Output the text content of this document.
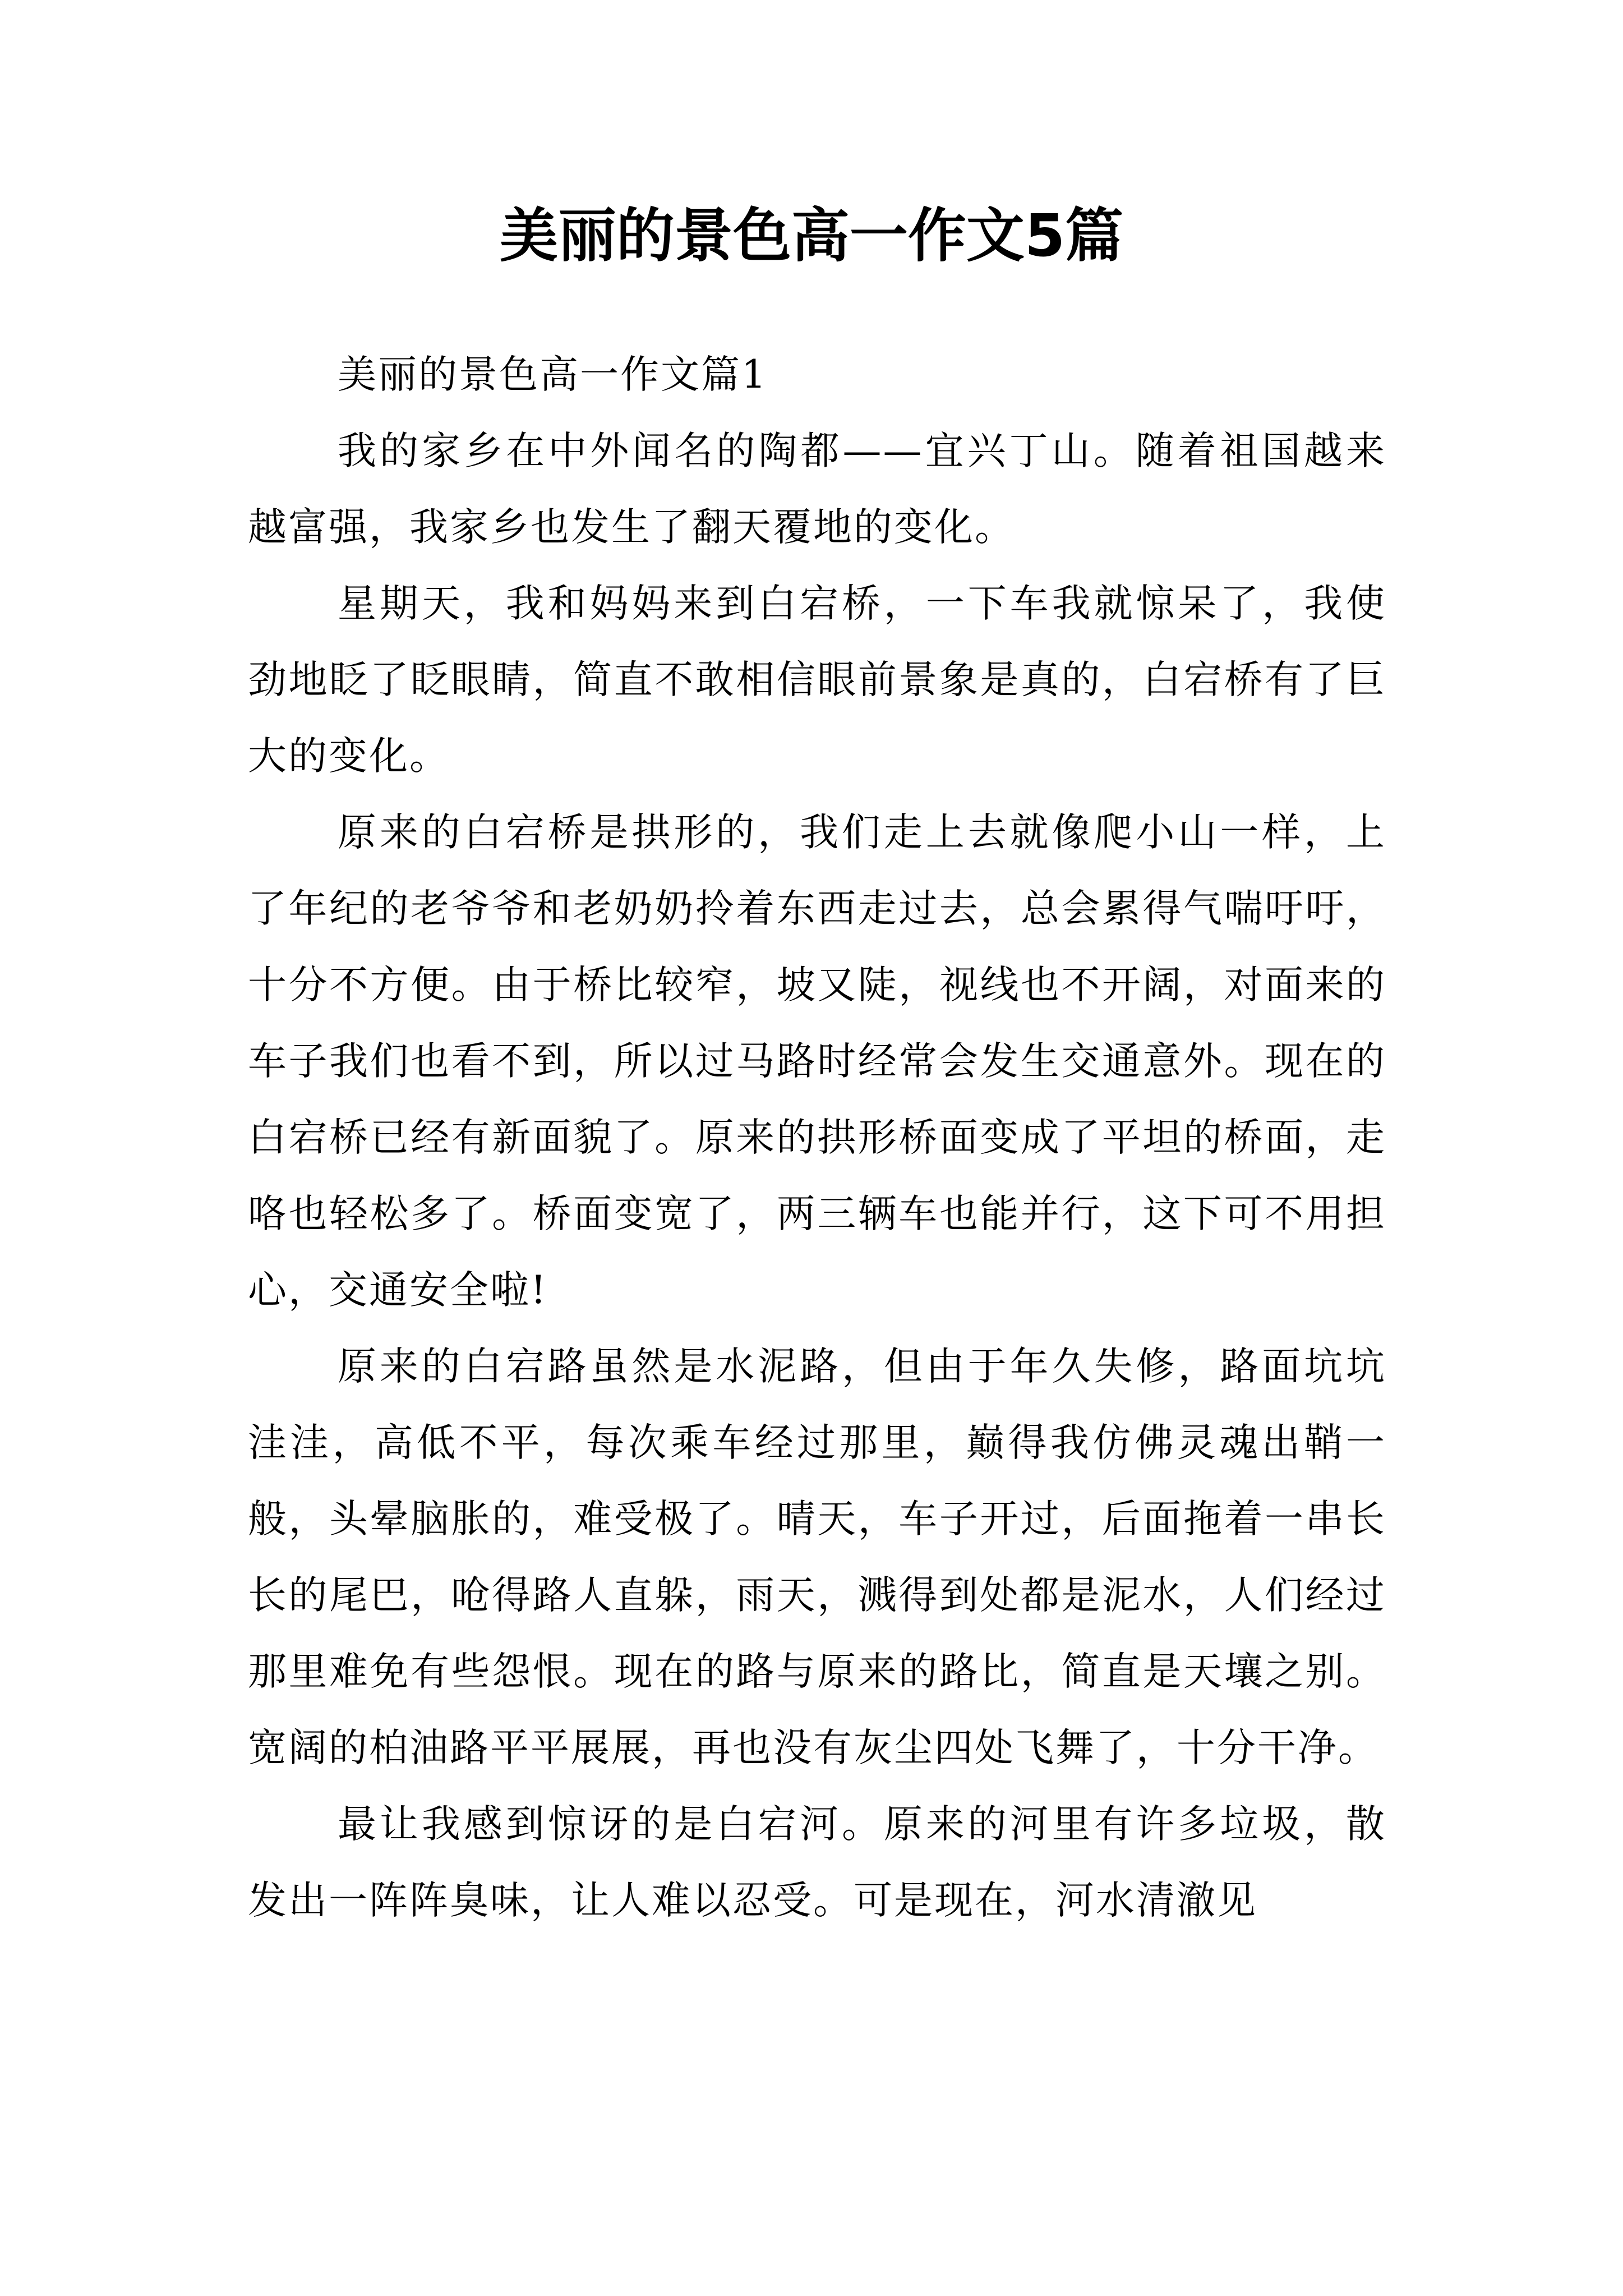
美丽的景色高一作文5篇

美丽的景色高一作文篇1

我的家乡在中外闻名的陶都——宜兴丁山。随着祖国越来越富强，我家乡也发生了翻天覆地的变化。

星期天，我和妈妈来到白宕桥，一下车我就惊呆了，我使劲地眨了眨眼睛，简直不敢相信眼前景象是真的，白宕桥有了巨大的变化。

原来的白宕桥是拱形的，我们走上去就像爬小山一样，上了年纪的老爷爷和老奶奶拎着东西走过去，总会累得气喘吁吁，十分不方便。由于桥比较窄，坡又陡，视线也不开阔，对面来的车子我们也看不到，所以过马路时经常会发生交通意外。现在的白宕桥已经有新面貌了。原来的拱形桥面变成了平坦的桥面，走咯也轻松多了。桥面变宽了，两三辆车也能并行，这下可不用担心，交通安全啦!

原来的白宕路虽然是水泥路，但由于年久失修，路面坑坑洼洼，高低不平，每次乘车经过那里，巅得我仿佛灵魂出鞘一般，头晕脑胀的，难受极了。晴天，车子开过，后面拖着一串长长的尾巴，呛得路人直躲，雨天，溅得到处都是泥水，人们经过那里难免有些怨恨。现在的路与原来的路比，简直是天壤之别。宽阔的柏油路平平展展，再也没有灰尘四处飞舞了，十分干净。

最让我感到惊讶的是白宕河。原来的河里有许多垃圾，散发出一阵阵臭味，让人难以忍受。可是现在，河水清澈见
